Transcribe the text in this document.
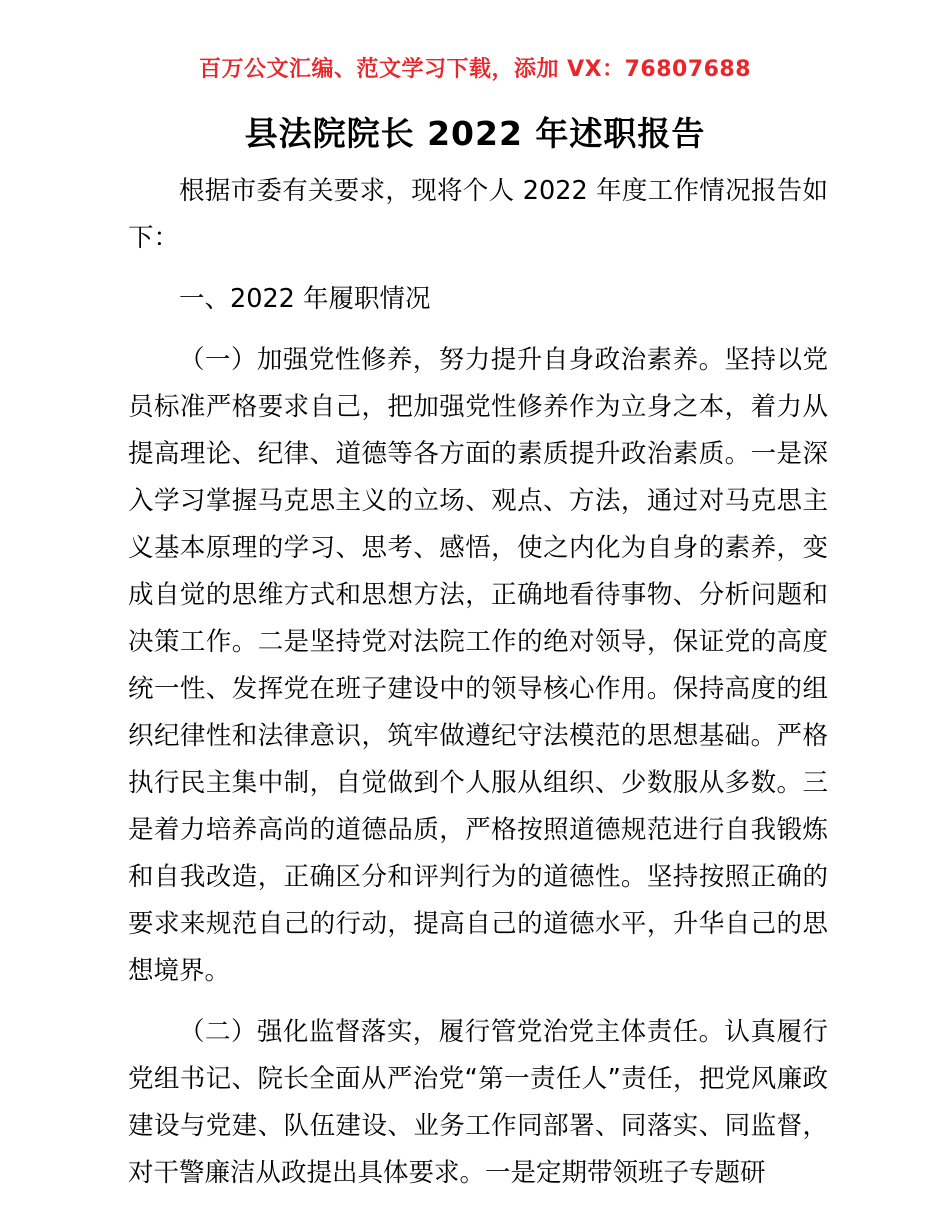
百万公文汇编、范文学习下载，添加 VX：76807688
县法院院长 2022 年述职报告

根据市委有关要求，现将个人 2022 年度工作情况报告如下：

一、2022 年履职情况

（一）加强党性修养，努力提升自身政治素养。坚持以党员标准严格要求自己，把加强党性修养作为立身之本，着力从提高理论、纪律、道德等各方面的素质提升政治素质。一是深入学习掌握马克思主义的立场、观点、方法，通过对马克思主义基本原理的学习、思考、感悟，使之内化为自身的素养，变成自觉的思维方式和思想方法，正确地看待事物、分析问题和决策工作。二是坚持党对法院工作的绝对领导，保证党的高度统一性、发挥党在班子建设中的领导核心作用。保持高度的组织纪律性和法律意识，筑牢做遵纪守法模范的思想基础。严格执行民主集中制，自觉做到个人服从组织、少数服从多数。三是着力培养高尚的道德品质，严格按照道德规范进行自我锻炼和自我改造，正确区分和评判行为的道德性。坚持按照正确的要求来规范自己的行动，提高自己的道德水平，升华自己的思想境界。

（二）强化监督落实，履行管党治党主体责任。认真履行党组书记、院长全面从严治党“第一责任人”责任，把党风廉政建设与党建、队伍建设、业务工作同部署、同落实、同监督，对干警廉洁从政提出具体要求。一是定期带领班子专题研
